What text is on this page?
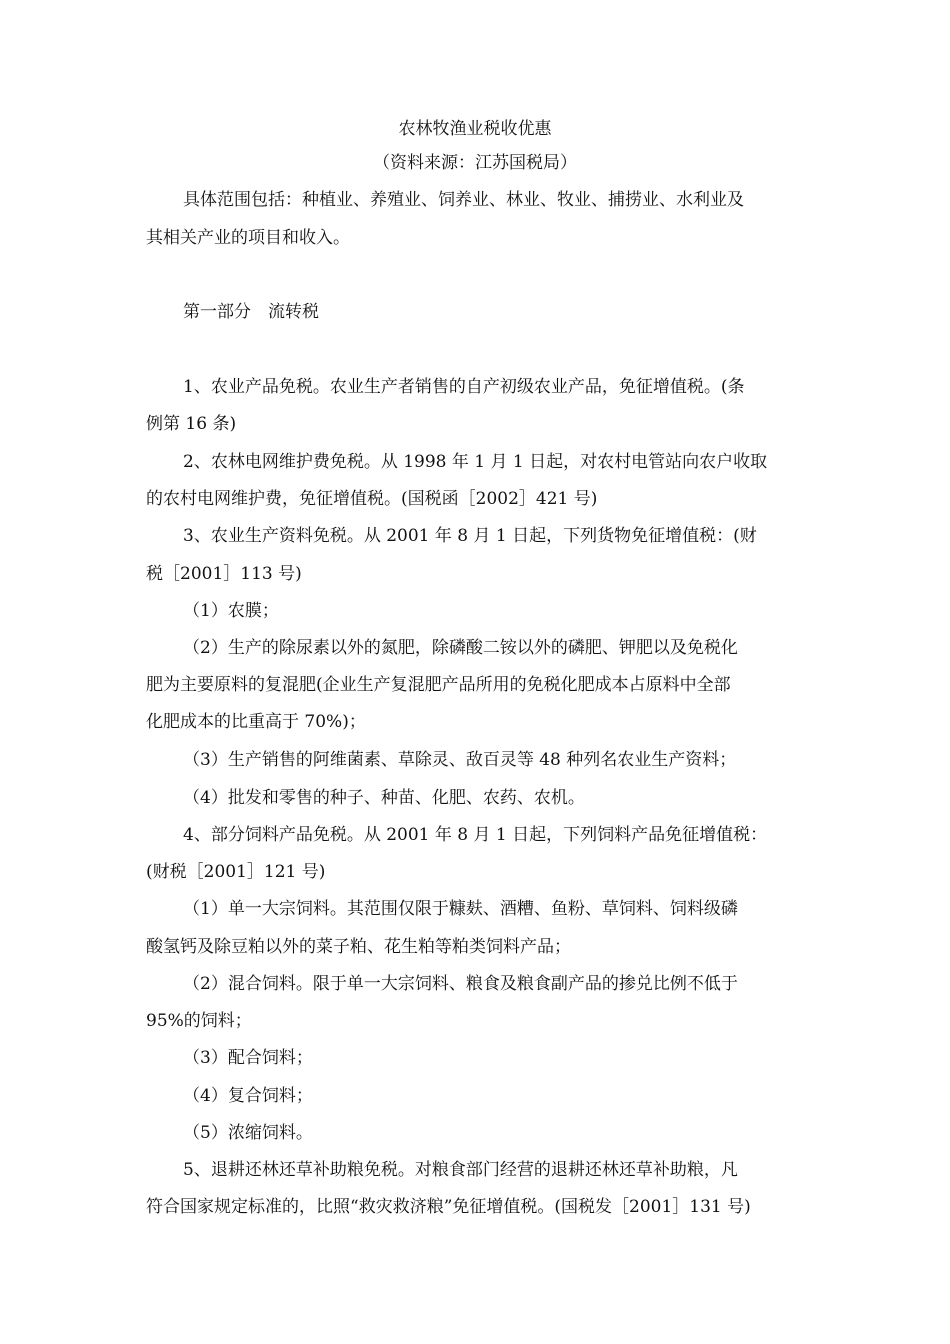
农林牧渔业税收优惠
（资料来源：江苏国税局）
具体范围包括：种植业、养殖业、饲养业、林业、牧业、捕捞业、水利业及
其相关产业的项目和收入。
第一部分　流转税
1、农业产品免税。农业生产者销售的自产初级农业产品，免征增值税。(条
例第 16 条)
2、农林电网维护费免税。从 1998 年 1 月 1 日起，对农村电管站向农户收取
的农村电网维护费，免征增值税。(国税函［2002］421 号)
3、农业生产资料免税。从 2001 年 8 月 1 日起，下列货物免征增值税：(财
税［2001］113 号)
（1）农膜；
（2）生产的除尿素以外的氮肥，除磷酸二铵以外的磷肥、钾肥以及免税化
肥为主要原料的复混肥(企业生产复混肥产品所用的免税化肥成本占原料中全部
化肥成本的比重高于 70%)；
（3）生产销售的阿维菌素、草除灵、敌百灵等 48 种列名农业生产资料；
（4）批发和零售的种子、种苗、化肥、农药、农机。
4、部分饲料产品免税。从 2001 年 8 月 1 日起，下列饲料产品免征增值税：
(财税［2001］121 号)
（1）单一大宗饲料。其范围仅限于糠麸、酒糟、鱼粉、草饲料、饲料级磷
酸氢钙及除豆粕以外的菜子粕、花生粕等粕类饲料产品；
（2）混合饲料。限于单一大宗饲料、粮食及粮食副产品的掺兑比例不低于
95%的饲料；
（3）配合饲料；
（4）复合饲料；
（5）浓缩饲料。
5、退耕还林还草补助粮免税。对粮食部门经营的退耕还林还草补助粮，凡
符合国家规定标准的，比照“救灾救济粮”免征增值税。(国税发［2001］131 号)
